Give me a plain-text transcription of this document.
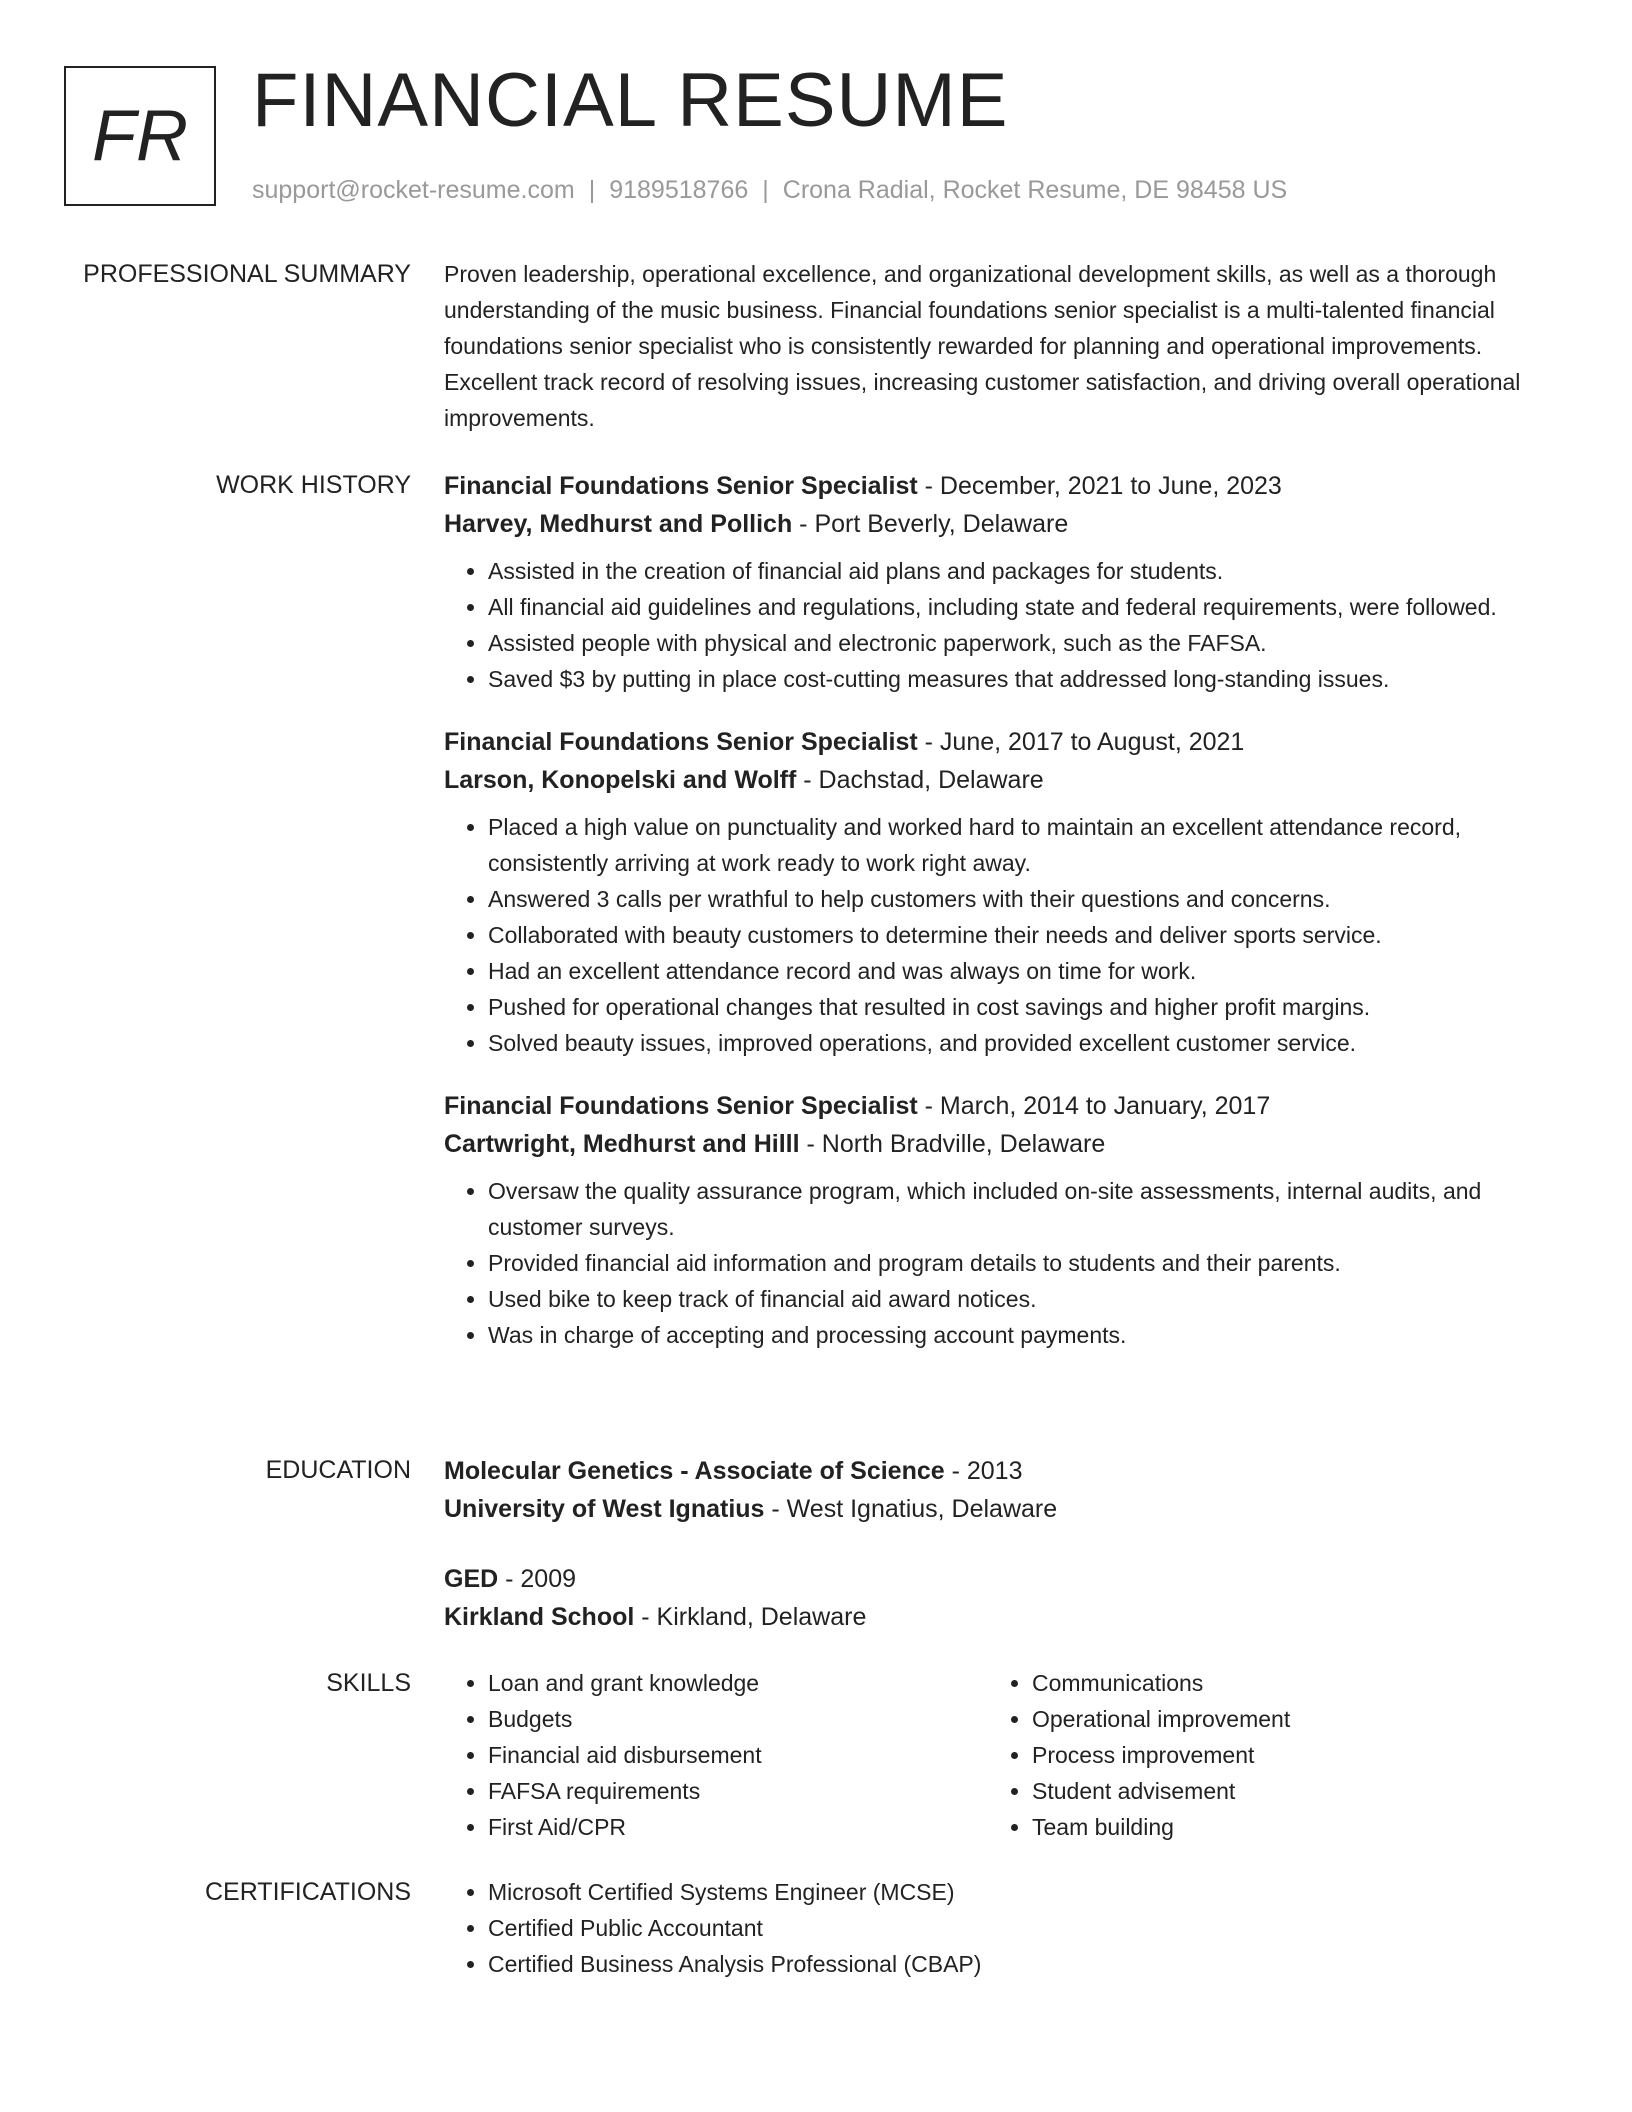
FR FINANCIAL RESUME
support@rocket-resume.com | 9189518766 | Crona Radial, Rocket Resume, DE 98458 US
PROFESSIONAL SUMMARY Proven leadership, operational excellence, and organizational development skills, as well as a thorough understanding of the music business. Financial foundations senior specialist is a multi-talented financial foundations senior specialist who is consistently rewarded for planning and operational improvements. Excellent track record of resolving issues, increasing customer satisfaction, and driving overall operational improvements.

WORK HISTORY Financial Foundations Senior Specialist - December, 2021 to June, 2023

Harvey, Medhurst and Pollich - Port Beverly, Delaware

• Assisted in the creation of financial aid plans and packages for students.
• All financial aid guidelines and regulations, including state and federal requirements, were followed.
• Assisted people with physical and electronic paperwork, such as the FAFSA.
• Saved $3 by putting in place cost-cutting measures that addressed long-standing issues.

Financial Foundations Senior Specialist - June, 2017 to August, 2021

Larson, Konopelski and Wolff - Dachstad, Delaware

• Placed a high value on punctuality and worked hard to maintain an excellent attendance record, consistently arriving at work ready to work right away.
• Answered 3 calls per wrathful to help customers with their questions and concerns.
• Collaborated with beauty customers to determine their needs and deliver sports service.
• Had an excellent attendance record and was always on time for work.
• Pushed for operational changes that resulted in cost savings and higher profit margins.
• Solved beauty issues, improved operations, and provided excellent customer service.

Financial Foundations Senior Specialist - March, 2014 to January, 2017

Cartwright, Medhurst and Hilll - North Bradville, Delaware

• Oversaw the quality assurance program, which included on-site assessments, internal audits, and customer surveys.
• Provided financial aid information and program details to students and their parents.
• Used bike to keep track of financial aid award notices.
• Was in charge of accepting and processing account payments.
EDUCATION Molecular Genetics - Associate of Science - 2013

University of West Ignatius - West Ignatius, Delaware

GED - 2009

Kirkland School - Kirkland, Delaware

SKILLS	• Loan and grant knowledge
• Budgets
• Financial aid disbursement
• FAFSA requirements
• First Aid/CPR
• Communications
• Operational improvement
• Process improvement
• Student advisement
• Team building
CERTIFICATIONS	• Microsoft Certified Systems Engineer (MCSE)
• Certified Public Accountant
• Certified Business Analysis Professional (CBAP)
